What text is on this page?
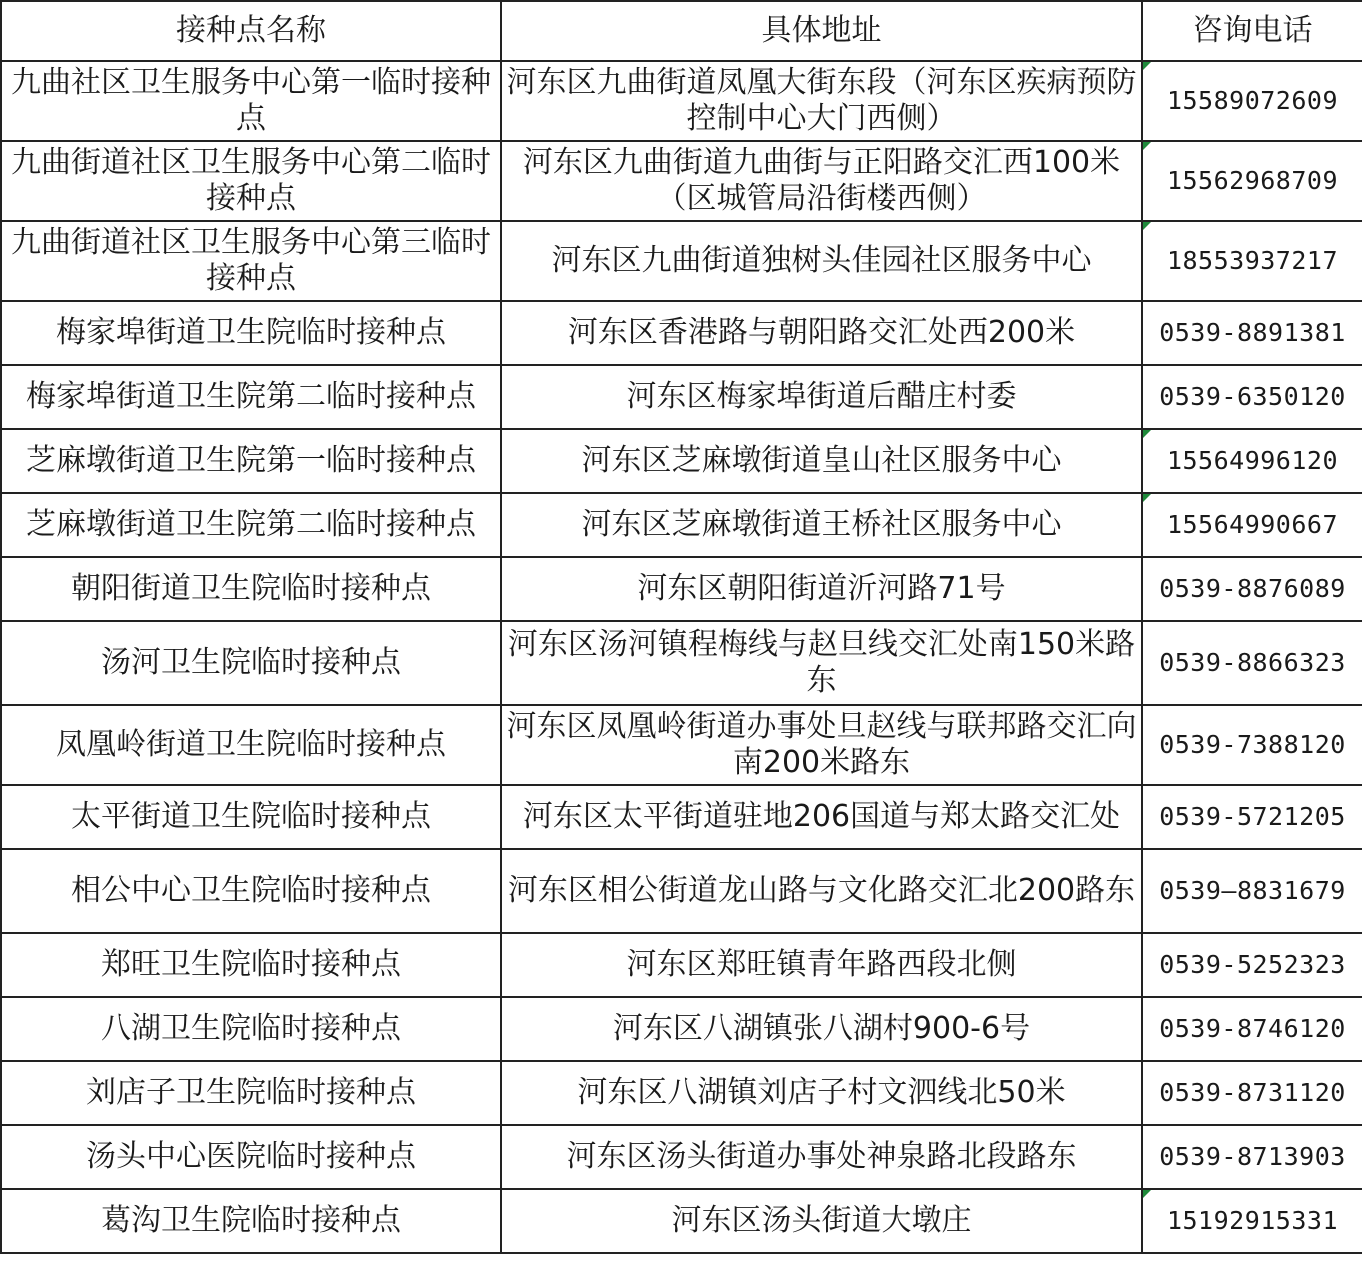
接种点名称	具体地址	咨询电话
九曲社区卫生服务中心第一临时接种点	河东区九曲街道凤凰大街东段（河东区疾病预防控制中心大门西侧）	15589072609
九曲街道社区卫生服务中心第二临时接种点	河东区九曲街道九曲街与正阳路交汇西100米（区城管局沿街楼西侧）	15562968709
九曲街道社区卫生服务中心第三临时接种点	河东区九曲街道独树头佳园社区服务中心	18553937217
梅家埠街道卫生院临时接种点	河东区香港路与朝阳路交汇处西200米	0539-8891381
梅家埠街道卫生院第二临时接种点	河东区梅家埠街道后醋庄村委	0539-6350120
芝麻墩街道卫生院第一临时接种点	河东区芝麻墩街道皇山社区服务中心	15564996120
芝麻墩街道卫生院第二临时接种点	河东区芝麻墩街道王桥社区服务中心	15564990667
朝阳街道卫生院临时接种点	河东区朝阳街道沂河路71号	0539-8876089
汤河卫生院临时接种点	河东区汤河镇程梅线与赵旦线交汇处南150米路东	0539-8866323
凤凰岭街道卫生院临时接种点	河东区凤凰岭街道办事处旦赵线与联邦路交汇向南200米路东	0539-7388120
太平街道卫生院临时接种点	河东区太平街道驻地206国道与郑太路交汇处	0539-5721205
相公中心卫生院临时接种点	河东区相公街道龙山路与文化路交汇北200路东	0539—8831679
郑旺卫生院临时接种点	河东区郑旺镇青年路西段北侧	0539-5252323
八湖卫生院临时接种点	河东区八湖镇张八湖村900-6号	0539-8746120
刘店子卫生院临时接种点	河东区八湖镇刘店子村文泗线北50米	0539-8731120
汤头中心医院临时接种点	河东区汤头街道办事处神泉路北段路东	0539-8713903
葛沟卫生院临时接种点	河东区汤头街道大墩庄	15192915331
